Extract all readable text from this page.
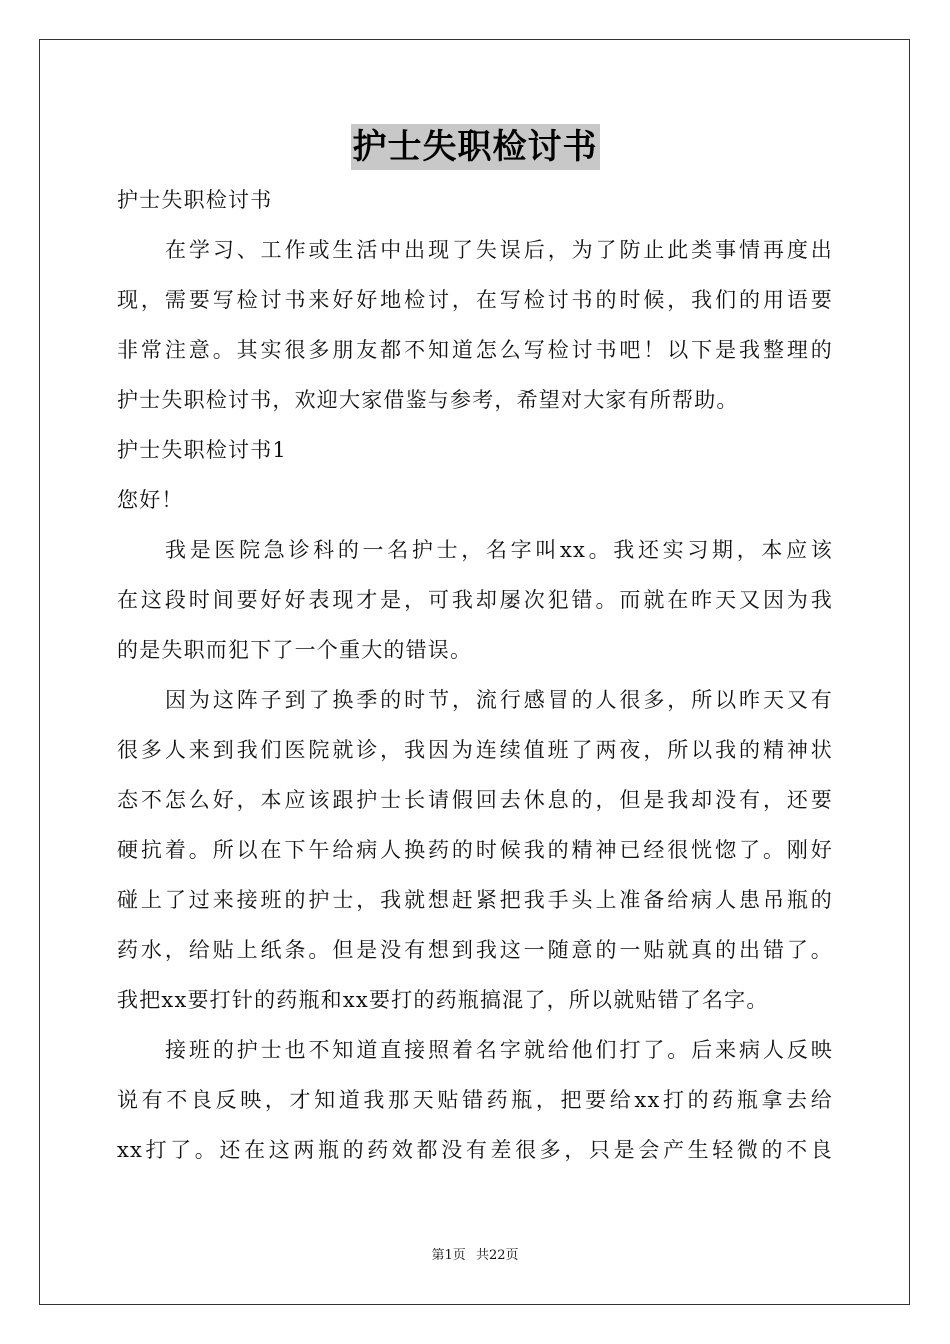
护士失职检讨书
护士失职检讨书
在学习、工作或生活中出现了失误后，为了防止此类事情再度出
现，需要写检讨书来好好地检讨，在写检讨书的时候，我们的用语要
非常注意。其实很多朋友都不知道怎么写检讨书吧！以下是我整理的
护士失职检讨书，欢迎大家借鉴与参考，希望对大家有所帮助。
护士失职检讨书1
您好！
我是医院急诊科的一名护士，名字叫xx。我还实习期，本应该
在这段时间要好好表现才是，可我却屡次犯错。而就在昨天又因为我
的是失职而犯下了一个重大的错误。
因为这阵子到了换季的时节，流行感冒的人很多，所以昨天又有
很多人来到我们医院就诊，我因为连续值班了两夜，所以我的精神状
态不怎么好，本应该跟护士长请假回去休息的，但是我却没有，还要
硬抗着。所以在下午给病人换药的时候我的精神已经很恍惚了。刚好
碰上了过来接班的护士，我就想赶紧把我手头上准备给病人患吊瓶的
药水，给贴上纸条。但是没有想到我这一随意的一贴就真的出错了。
我把xx要打针的药瓶和xx要打的药瓶搞混了，所以就贴错了名字。
接班的护士也不知道直接照着名字就给他们打了。后来病人反映
说有不良反映，才知道我那天贴错药瓶，把要给xx打的药瓶拿去给
xx打了。还在这两瓶的药效都没有差很多，只是会产生轻微的不良
第1页 共22页
